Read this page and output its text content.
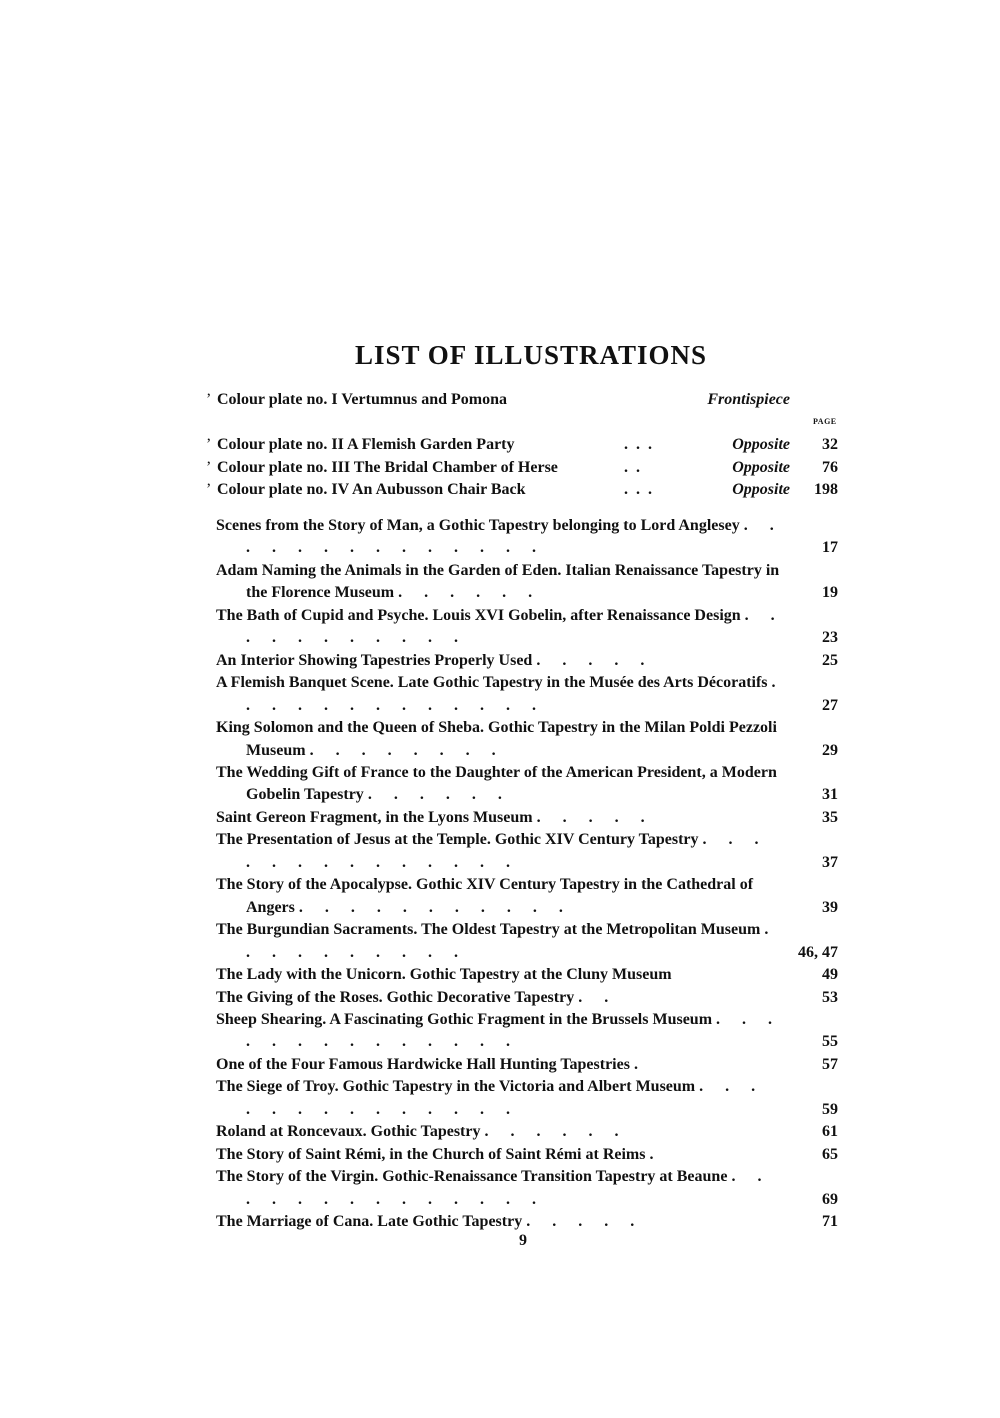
LIST OF ILLUSTRATIONS
’ Colour plate no. I Vertumnus and Pomona	Frontispiece
’ Colour plate no. II A Flemish Garden Party	. . .	Opposite 32
’ Colour plate no. III The Bridal Chamber of Herse	. .	Opposite 76
’ Colour plate no. IV An Aubusson Chair Back	. . .	Opposite 198
PAGE
Scenes from the Story of Man, a Gothic Tapestry belonging to Lord Anglesey . . . . . . . . . . . . . .	17
Adam Naming the Animals in the Garden of Eden. Italian Renaissance Tapestry in the Florence Museum . . . . . .	19
The Bath of Cupid and Psyche. Louis XVI Gobelin, after Renaissance Design . . . . . . . . . . .	23
An Interior Showing Tapestries Properly Used . . . . .	25
A Flemish Banquet Scene. Late Gothic Tapestry in the Musée des Arts Décoratifs . . . . . . . . . . . . .	27
King Solomon and the Queen of Sheba. Gothic Tapestry in the Milan Poldi Pezzoli Museum . . . . . . . .	29
The Wedding Gift of France to the Daughter of the American President, a Modern Gobelin Tapestry . . . . . .	31
Saint Gereon Fragment, in the Lyons Museum . . . . .	35
The Presentation of Jesus at the Temple. Gothic XIV Century Tapestry . . . . . . . . . . . . . .	37
The Story of the Apocalypse. Gothic XIV Century Tapestry in the Cathedral of Angers . . . . . . . . . . .	39
The Burgundian Sacraments. The Oldest Tapestry at the Metropolitan Museum . . . . . . . . . .	46, 47
The Lady with the Unicorn. Gothic Tapestry at the Cluny Museum	49
The Giving of the Roses. Gothic Decorative Tapestry . .	53
Sheep Shearing. A Fascinating Gothic Fragment in the Brussels Museum . . . . . . . . . . . . . .	55
One of the Four Famous Hardwicke Hall Hunting Tapestries .	57
The Siege of Troy. Gothic Tapestry in the Victoria and Albert Museum . . . . . . . . . . . . . .	59
Roland at Roncevaux. Gothic Tapestry . . . . . .	61
The Story of Saint Rémi, in the Church of Saint Rémi at Reims .	65
The Story of the Virgin. Gothic-Renaissance Transition Tapestry at Beaune . . . . . . . . . . . . . .	69
The Marriage of Cana. Late Gothic Tapestry . . . . .	71
9
